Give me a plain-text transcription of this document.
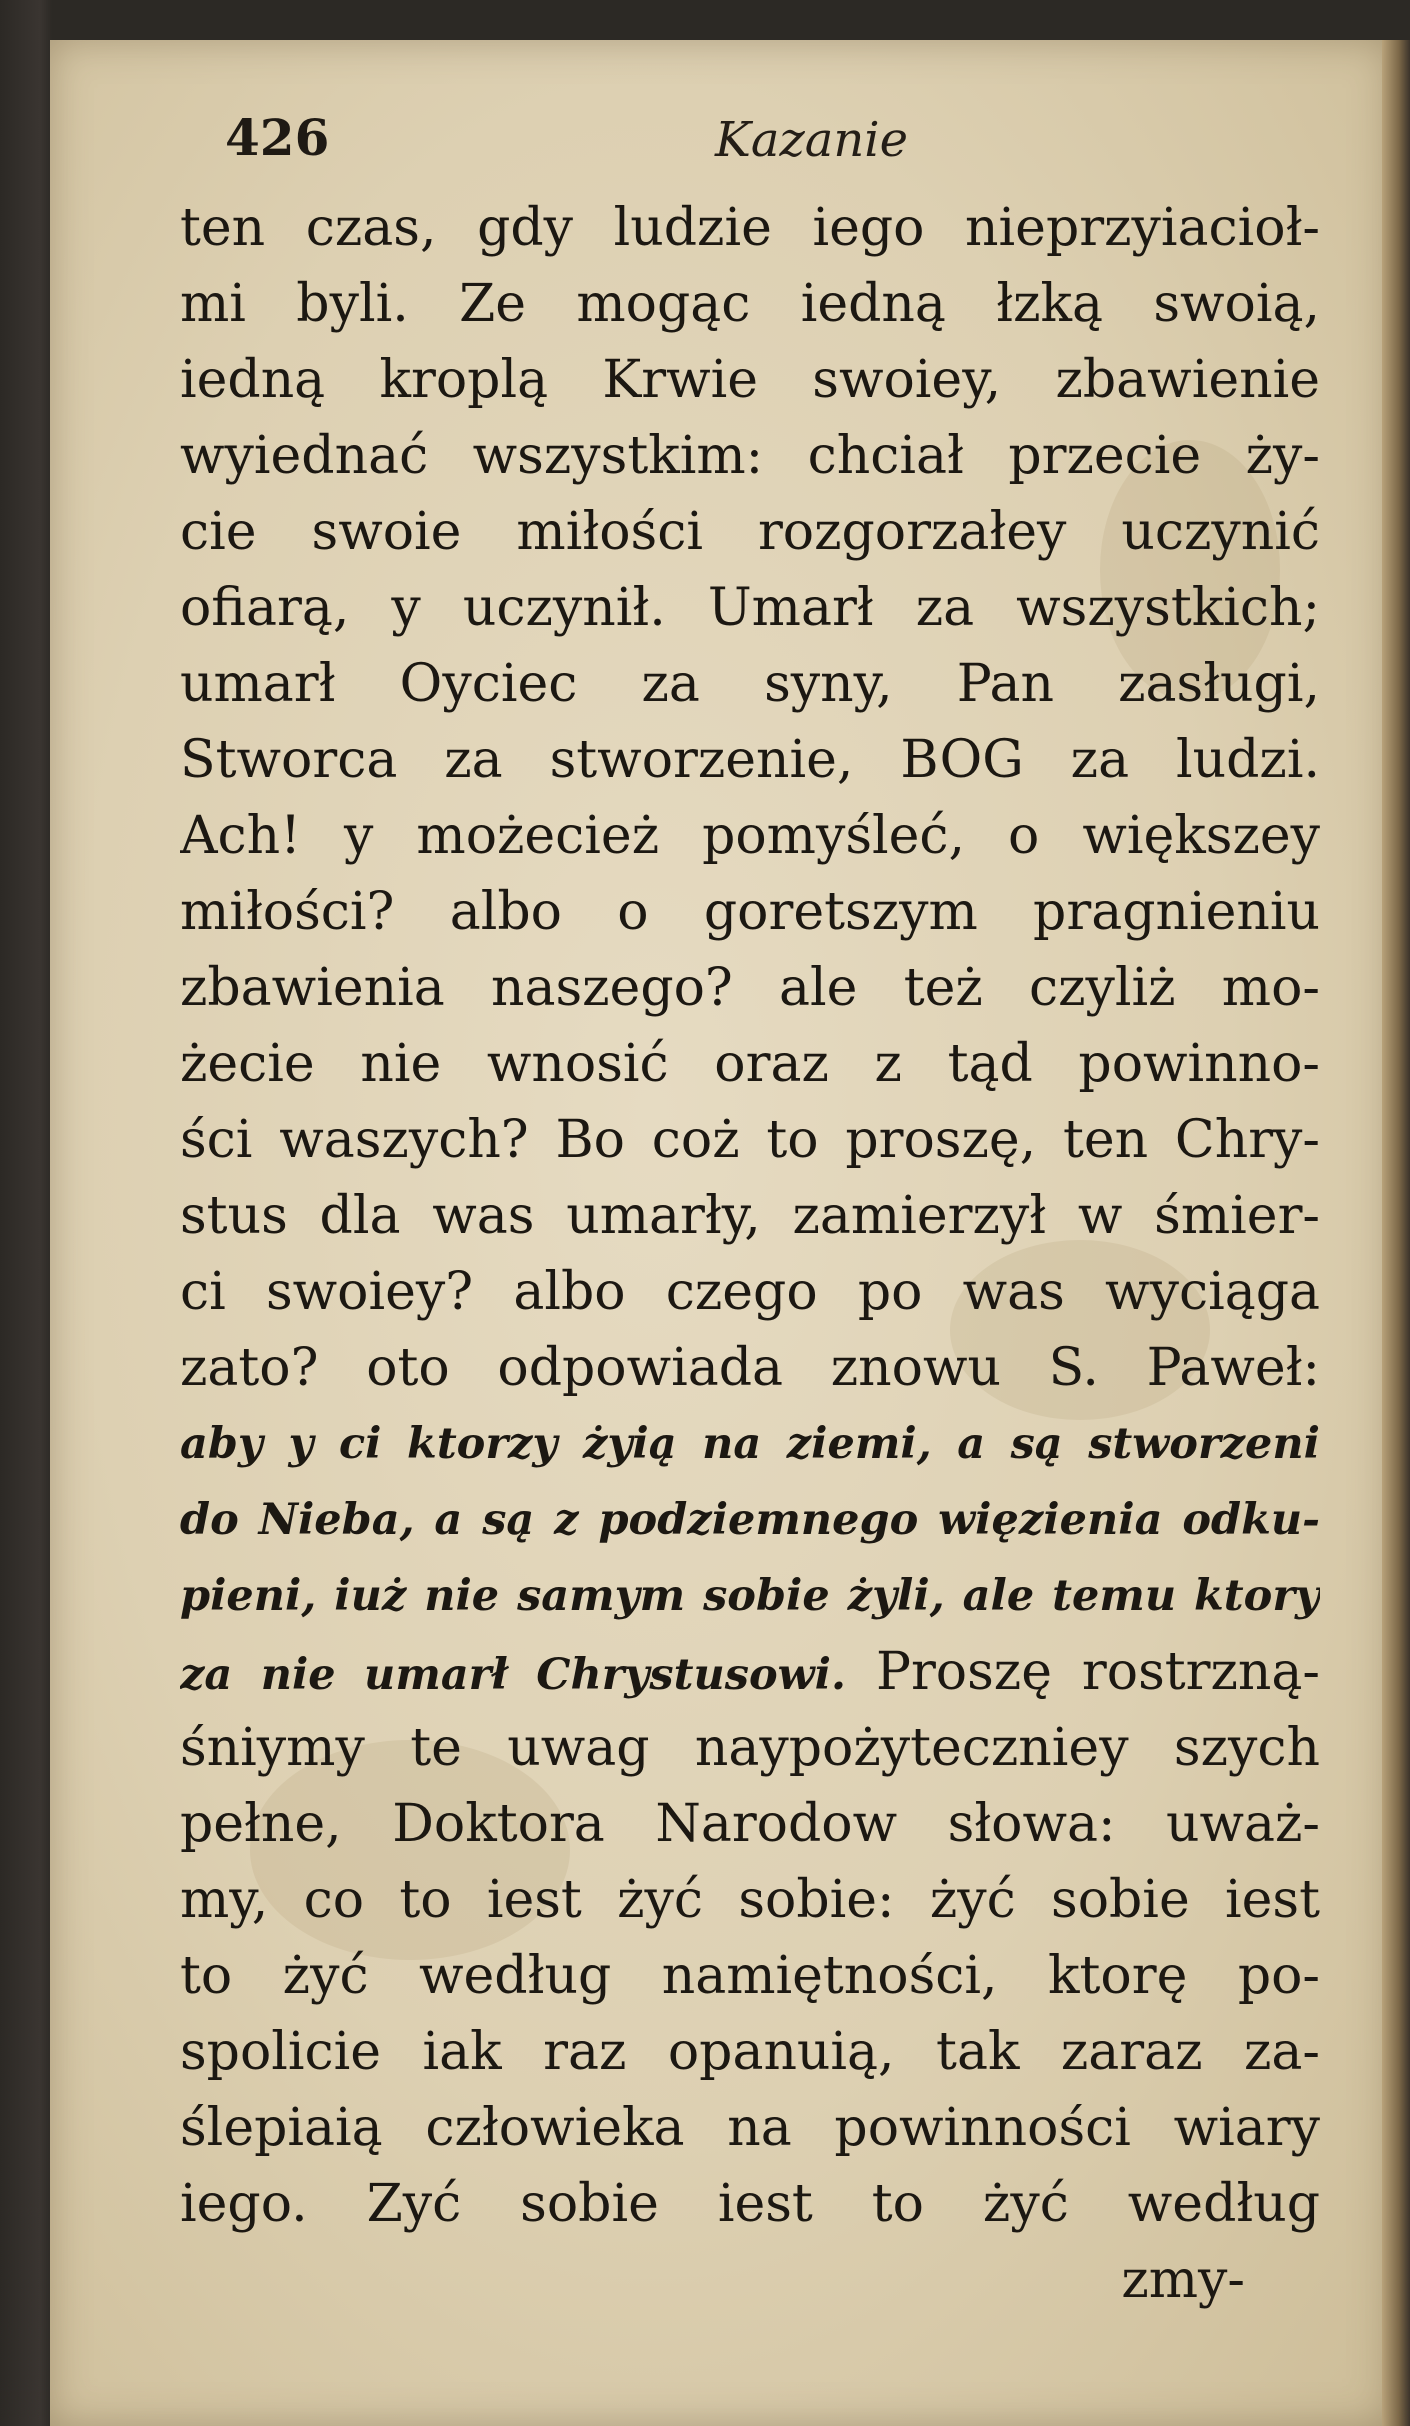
426	Kazanie
ten czas, gdy ludzie iego nieprzyiacioł-
mi byli. Ze mogąc iedną łzką swoią,
iedną kroplą Krwie swoiey, zbawienie
wyiednać wszystkim: chciał przecie ży-
cie swoie miłości rozgorzałey uczynić
ofiarą, y uczynił. Umarł za wszystkich;
umarł Oyciec za syny, Pan zasługi,
Stworca za stworzenie, BOG za ludzi.
Ach! y możecież pomyśleć, o większey
miłości? albo o goretszym pragnieniu
zbawienia naszego? ale też czyliż mo-
żecie nie wnosić oraz z tąd powinno-
ści waszych? Bo coż to proszę, ten Chry-
stus dla was umarły, zamierzył w śmier-
ci swoiey? albo czego po was wyciąga
zato? oto odpowiada znowu S. Paweł:
aby y ci ktorzy żyią na ziemi, a są stworzeni
do Nieba, a są z podziemnego więzienia odku-
pieni, iuż nie samym sobie żyli, ale temu ktory
za nie umarł Chrystusowi. Proszę rostrzną-
śniymy te uwag naypożyteczniey szych
pełne, Doktora Narodow słowa: uważ-
my, co to iest żyć sobie: żyć sobie iest
to żyć według namiętności, ktorę po-
spolicie iak raz opanuią, tak zaraz za-
ślepiaią człowieka na powinności wiary
iego. Zyć sobie iest to żyć według
zmy-
